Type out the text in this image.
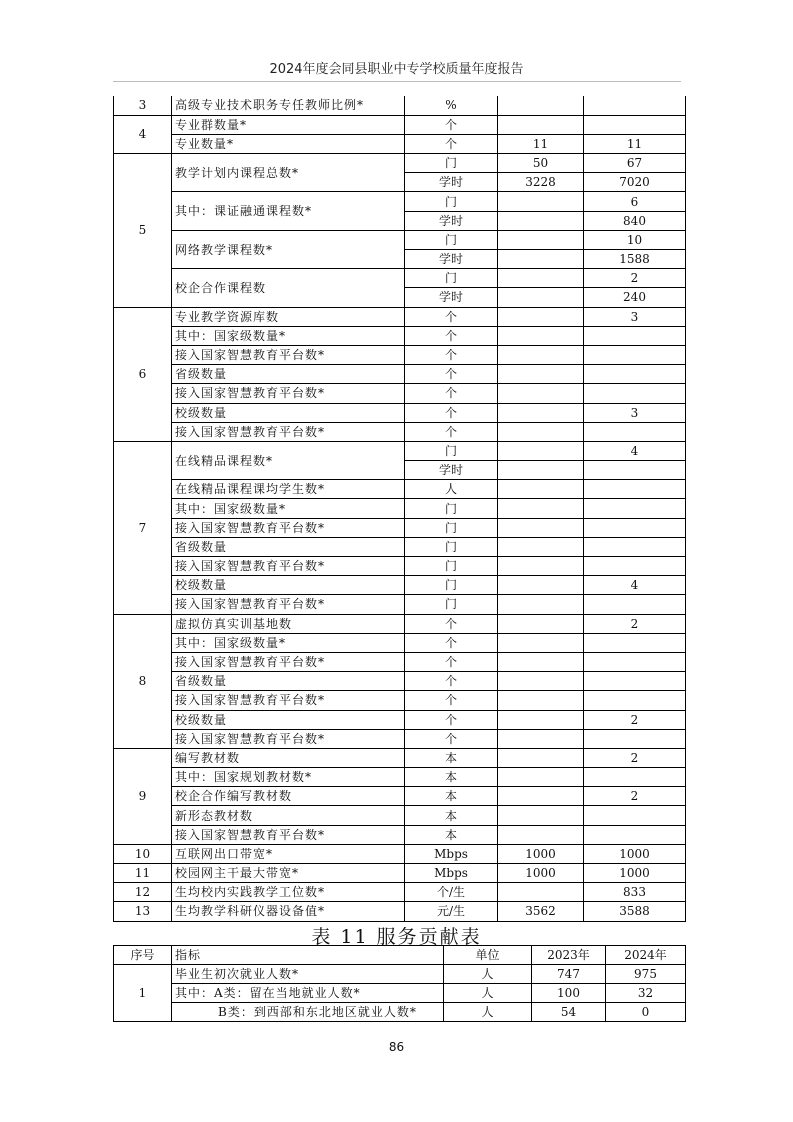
2024年度会同县职业中专学校质量年度报告
3	高级专业技术职务专任教师比例*	%		
4	专业群数量*	个		
	专业数量*	个	11	11
5	教学计划内课程总数*	门	50	67
		学时	3228	7020
	其中：课证融通课程数*	门		6
		学时		840
	网络教学课程数*	门		10
		学时		1588
	校企合作课程数	门		2
		学时		240
6	专业教学资源库数	个		3
	其中：国家级数量*	个		
	接入国家智慧教育平台数*	个		
	省级数量	个		
	接入国家智慧教育平台数*	个		
	校级数量	个		3
	接入国家智慧教育平台数*	个		
7	在线精品课程数*	门		4
		学时		
	在线精品课程课均学生数*	人		
	其中：国家级数量*	门		
	接入国家智慧教育平台数*	门		
	省级数量	门		
	接入国家智慧教育平台数*	门		
	校级数量	门		4
	接入国家智慧教育平台数*	门		
8	虚拟仿真实训基地数	个		2
	其中：国家级数量*	个		
	接入国家智慧教育平台数*	个		
	省级数量	个		
	接入国家智慧教育平台数*	个		
	校级数量	个		2
	接入国家智慧教育平台数*	个		
9	编写教材数	本		2
	其中：国家规划教材数*	本		
	校企合作编写教材数	本		2
	新形态教材数	本		
	接入国家智慧教育平台数*	本		
10	互联网出口带宽*	Mbps	1000	1000
11	校园网主干最大带宽*	Mbps	1000	1000
12	生均校内实践教学工位数*	个/生		833
13	生均教学科研仪器设备值*	元/生	3562	3588
表 11 服务贡献表
序号	指标	单位	2023年	2024年
1	毕业生初次就业人数*	人	747	975
	其中：A类：留在当地就业人数*	人	100	32
	B类：到西部和东北地区就业人数*	人	54	0
86
